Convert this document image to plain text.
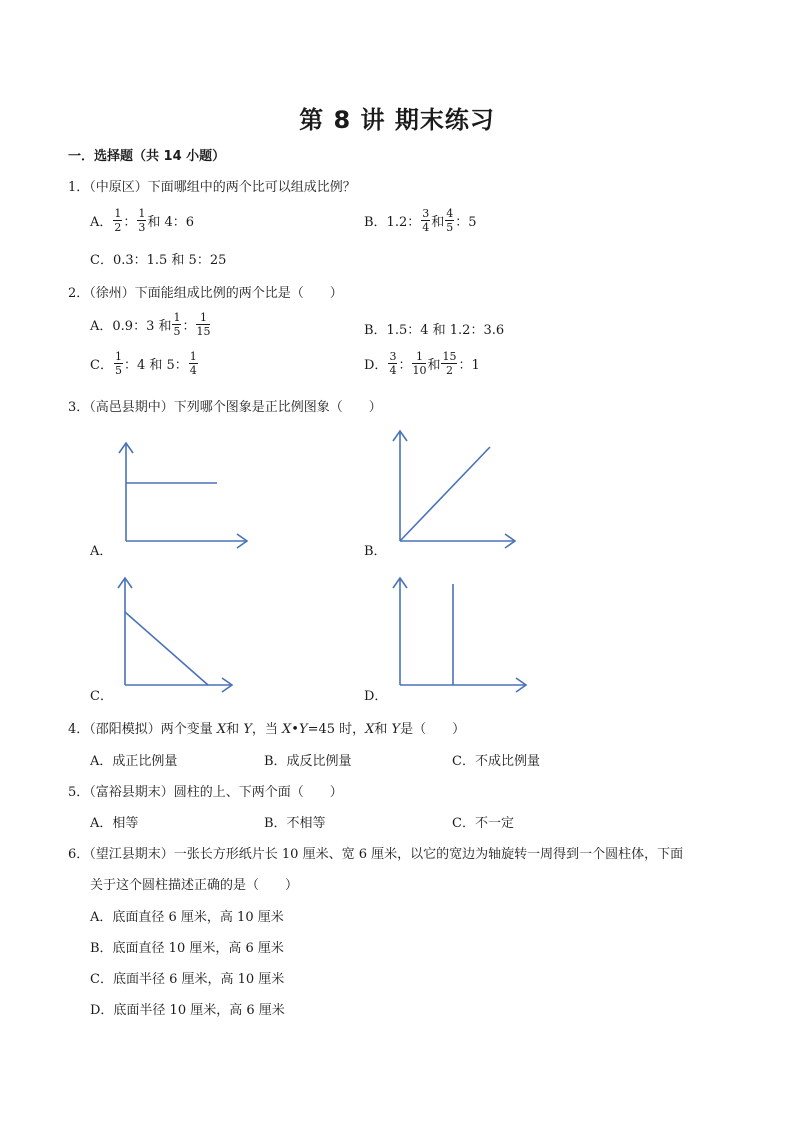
第 8 讲 期末练习
一．选择题（共 14 小题）
1．（中原区）下面哪组中的两个比可以组成比例？
A． $\frac{1}{2}$ ： $\frac{1}{3}$ 和 4：6	B．1.2： $\frac{3}{4}$ 和 $\frac{4}{5}$ ：5
C．0.3：1.5 和 5：25
2．（徐州）下面能组成比例的两个比是（　　）
A．0.9：3 和 $\frac{1}{5}$ ： $\frac{1}{15}$	B．1.5：4 和 1.2：3.6
C． $\frac{1}{5}$ ：4 和 5： $\frac{1}{4}$	D． $\frac{3}{4}$ ： $\frac{1}{10}$ 和 $\frac{15}{2}$ ：1
3．（高邑县期中）下列哪个图象是正比例图象（　　）
A．	B．
C．	D．
4．（邵阳模拟）两个变量 X和 Y，当 X•Y=45 时，X和 Y是（　　）
A．成正比例量	B．成反比例量	C．不成比例量
5．（富裕县期末）圆柱的上、下两个面（　　）
A．相等	B．不相等	C．不一定
6．（望江县期末）一张长方形纸片长 10 厘米、宽 6 厘米，以它的宽边为轴旋转一周得到一个圆柱体，下面
关于这个圆柱描述正确的是（　　）
A．底面直径 6 厘米，高 10 厘米
B．底面直径 10 厘米，高 6 厘米
C．底面半径 6 厘米，高 10 厘米
D．底面半径 10 厘米，高 6 厘米
